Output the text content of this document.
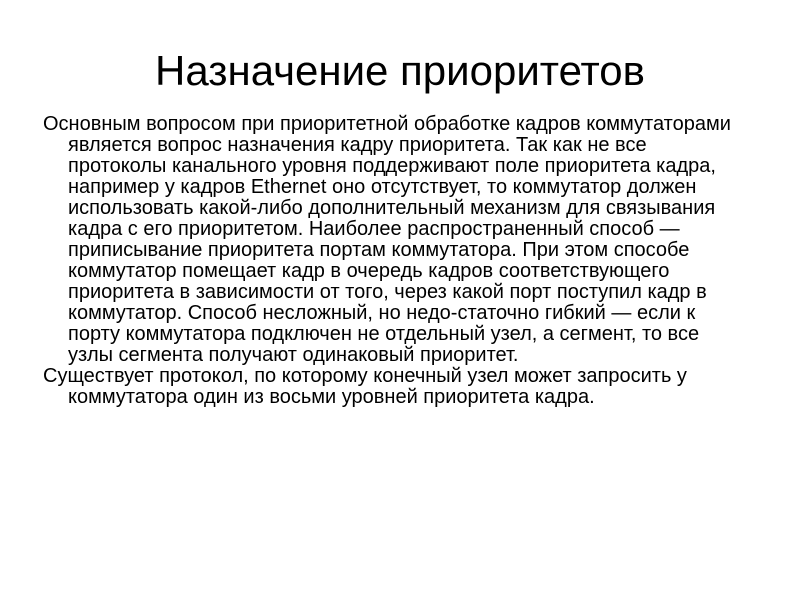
Назначение приоритетов
Основным вопросом при приоритетной обработке кадров коммутаторами
является вопрос назначения кадру приоритета. Так как не все
протоколы канального уровня поддерживают поле приоритета кадра,
например у кадров Ethernet оно отсутствует, то коммутатор должен
использовать какой-либо дополнительный механизм для связывания
кадра с его приоритетом. Наиболее распространенный способ —
приписывание приоритета портам коммутатора. При этом способе
коммутатор помещает кадр в очередь кадров соответствующего
приоритета в зависимости от того, через какой порт поступил кадр в
коммутатор. Способ несложный, но недо-статочно гибкий — если к
порту коммутатора подключен не отдельный узел, а сегмент, то все
узлы сегмента получают одинаковый приоритет.
Существует протокол, по которому конечный узел может запросить у
коммутатора один из восьми уровней приоритета кадра.
